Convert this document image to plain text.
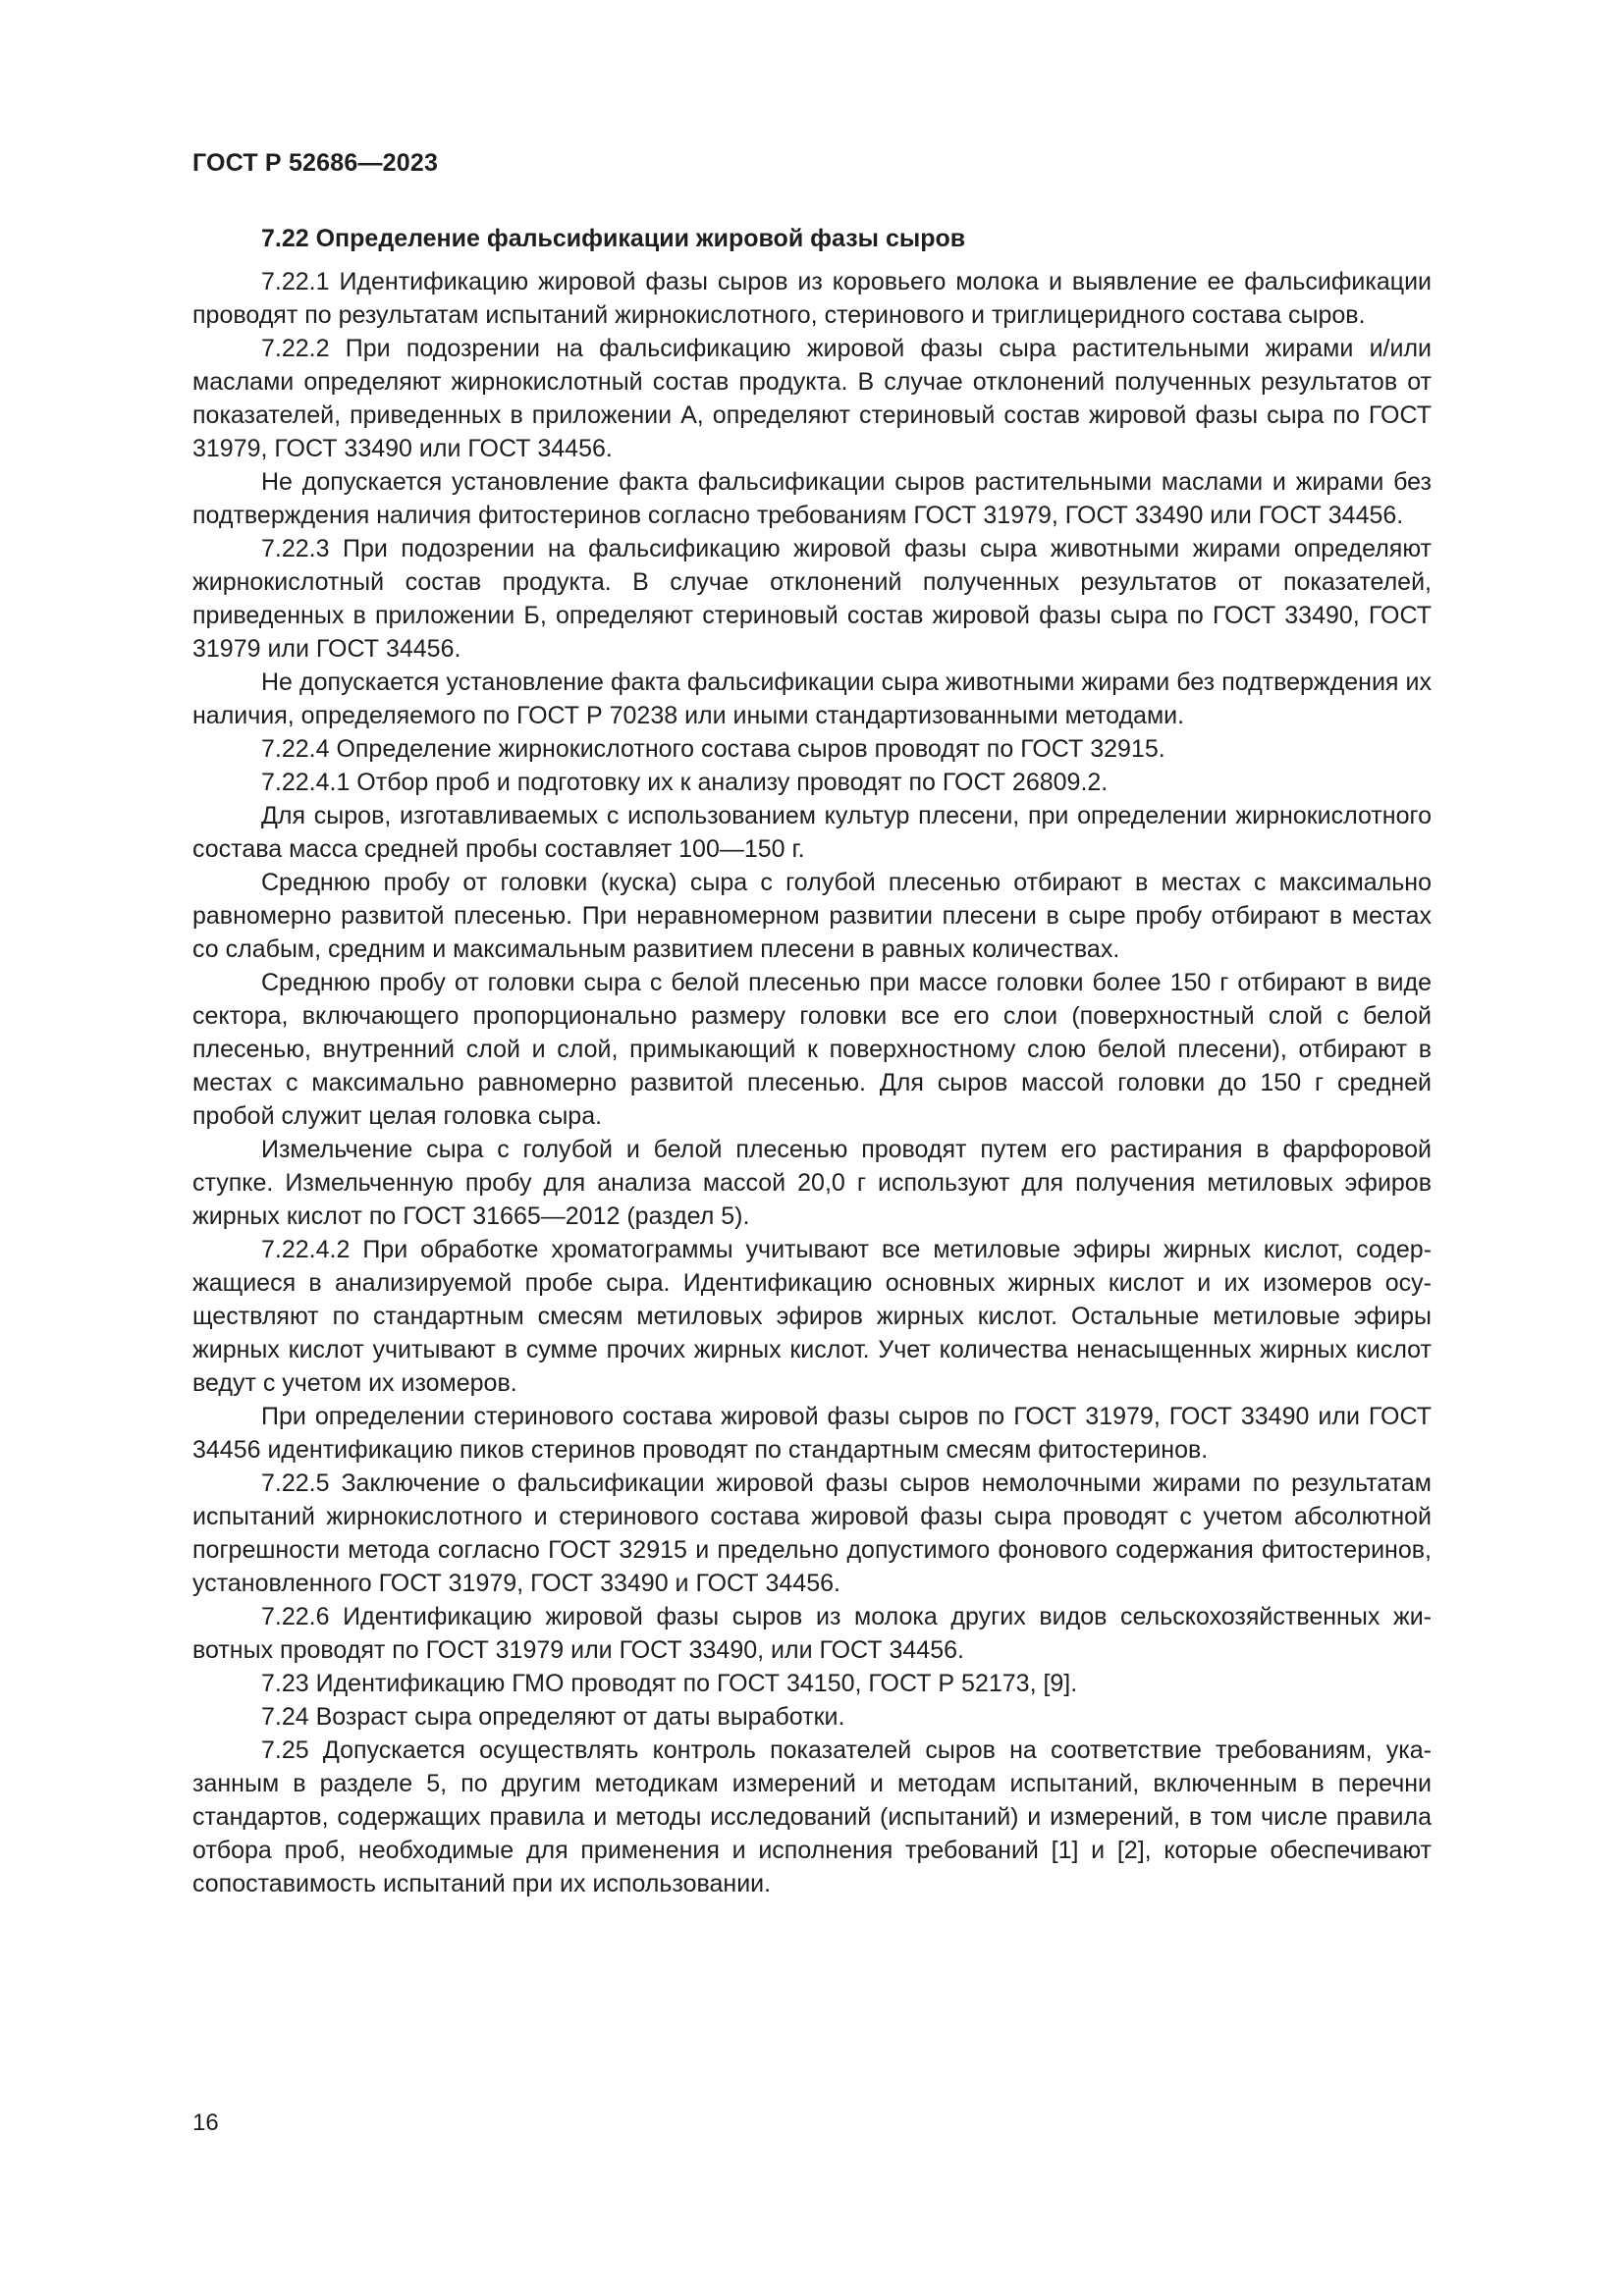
ГОСТ Р 52686—2023
7.22 Определение фальсификации жировой фазы сыров

7.22.1 Идентификацию жировой фазы сыров из коровьего молока и выявление ее фальсификации проводят по результатам испытаний жирнокислотного, стеринового и триглицеридного состава сыров.

7.22.2 При подозрении на фальсификацию жировой фазы сыра растительными жирами и/или маслами определяют жирнокислотный состав продукта. В случае отклонений полученных результатов от показателей, приведенных в приложении А, определяют стериновый состав жировой фазы сыра по ГОСТ 31979, ГОСТ 33490 или ГОСТ 34456.

Не допускается установление факта фальсификации сыров растительными маслами и жирами без подтверждения наличия фитостеринов согласно требованиям ГОСТ 31979, ГОСТ 33490 или ГОСТ 34456.

7.22.3 При подозрении на фальсификацию жировой фазы сыра животными жирами определяют жирнокислотный состав продукта. В случае отклонений полученных результатов от показателей, приведенных в приложении Б, определяют стериновый состав жировой фазы сыра по ГОСТ 33490, ГОСТ 31979 или ГОСТ 34456.

Не допускается установление факта фальсификации сыра животными жирами без подтверждения их наличия, определяемого по ГОСТ Р 70238 или иными стандартизованными методами.

7.22.4 Определение жирнокислотного состава сыров проводят по ГОСТ 32915.

7.22.4.1 Отбор проб и подготовку их к анализу проводят по ГОСТ 26809.2.

Для сыров, изготавливаемых с использованием культур плесени, при определении жирнокислотного состава масса средней пробы составляет 100—150 г.

Среднюю пробу от головки (куска) сыра с голубой плесенью отбирают в местах с максимально равномерно развитой плесенью. При неравномерном развитии плесени в сыре пробу отбирают в местах со слабым, средним и максимальным развитием плесени в равных количествах.

Среднюю пробу от головки сыра с белой плесенью при массе головки более 150 г отбирают в виде сектора, включающего пропорционально размеру головки все его слои (поверхностный слой с белой плесенью, внутренний слой и слой, примыкающий к поверхностному слою белой плесени), отбирают в местах с максимально равномерно развитой плесенью. Для сыров массой головки до 150 г средней пробой служит целая головка сыра.

Измельчение сыра с голубой и белой плесенью проводят путем его растирания в фарфоровой ступке. Измельченную пробу для анализа массой 20,0 г используют для получения метиловых эфиров жирных кислот по ГОСТ 31665—2012 (раздел 5).

7.22.4.2 При обработке хроматограммы учитывают все метиловые эфиры жирных кислот, содержащиеся в анализируемой пробе сыра. Идентификацию основных жирных кислот и их изомеров осуществляют по стандартным смесям метиловых эфиров жирных кислот. Остальные метиловые эфиры жирных кислот учитывают в сумме прочих жирных кислот. Учет количества ненасыщенных жирных кислот ведут с учетом их изомеров.

При определении стеринового состава жировой фазы сыров по ГОСТ 31979, ГОСТ 33490 или ГОСТ 34456 идентификацию пиков стеринов проводят по стандартным смесям фитостеринов.

7.22.5 Заключение о фальсификации жировой фазы сыров немолочными жирами по результатам испытаний жирнокислотного и стеринового состава жировой фазы сыра проводят с учетом абсолютной погрешности метода согласно ГОСТ 32915 и предельно допустимого фонового содержания фитостеринов, установленного ГОСТ 31979, ГОСТ 33490 и ГОСТ 34456.

7.22.6 Идентификацию жировой фазы сыров из молока других видов сельскохозяйственных животных проводят по ГОСТ 31979 или ГОСТ 33490, или ГОСТ 34456.

7.23 Идентификацию ГМО проводят по ГОСТ 34150, ГОСТ Р 52173, [9].

7.24 Возраст сыра определяют от даты выработки.

7.25 Допускается осуществлять контроль показателей сыров на соответствие требованиям, указанным в разделе 5, по другим методикам измерений и методам испытаний, включенным в перечни стандартов, содержащих правила и методы исследований (испытаний) и измерений, в том числе правила отбора проб, необходимые для применения и исполнения требований [1] и [2], которые обеспечивают сопоставимость испытаний при их использовании.

16
